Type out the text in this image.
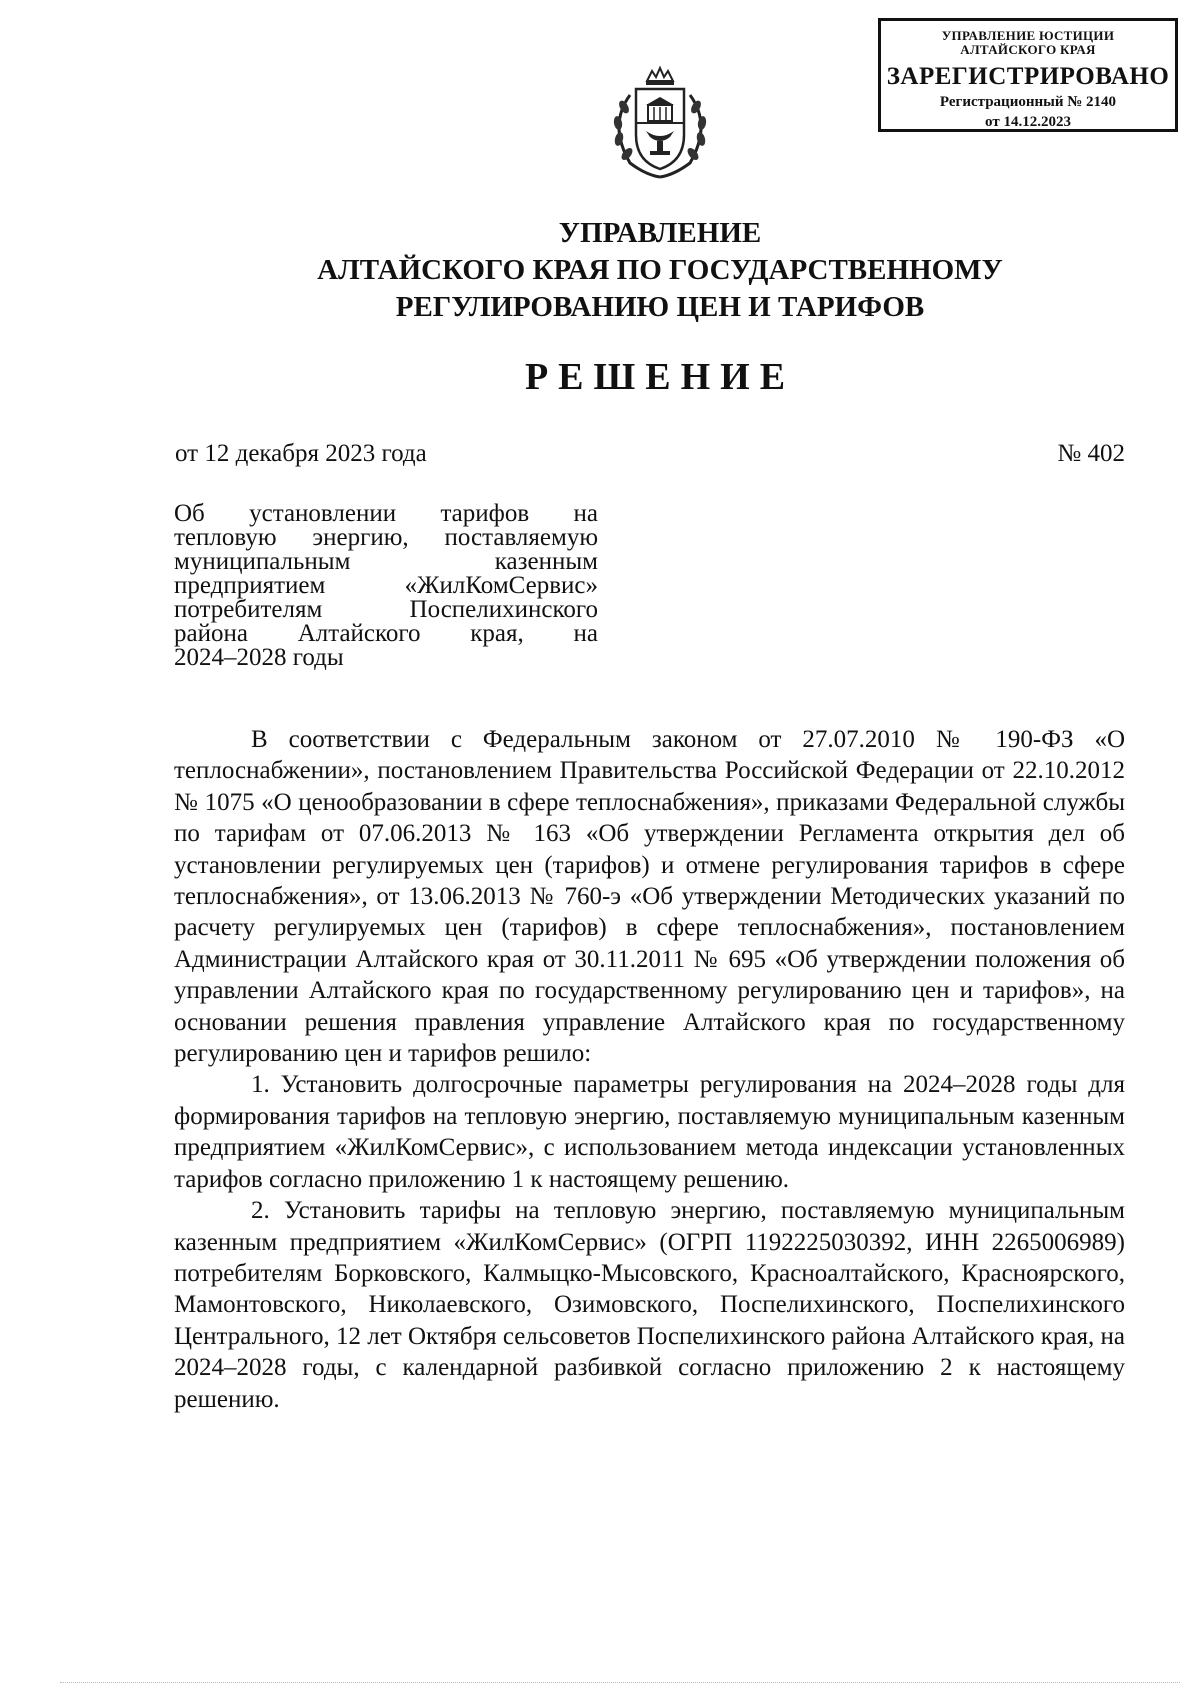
УПРАВЛЕНИЕ ЮСТИЦИИ
АЛТАЙСКОГО КРАЯ
ЗАРЕГИСТРИРОВАНО
Регистрационный № 2140
от 14.12.2023
УПРАВЛЕНИЕ
АЛТАЙСКОГО КРАЯ ПО ГОСУДАРСТВЕННОМУ
РЕГУЛИРОВАНИЮ ЦЕН И ТАРИФОВ
РЕШЕНИЕ
от 12 декабря 2023 года	№ 402
Об установлении тарифов на
тепловую энергию, поставляемую
муниципальным казенным
предприятием «ЖилКомСервис»
потребителям Поспелихинского
района Алтайского края, на
2024–2028 годы

В соответствии с Федеральным законом от 27.07.2010 № 190-ФЗ «О теплоснабжении», постановлением Правительства Российской Федерации от 22.10.2012 № 1075 «О ценообразовании в сфере теплоснабжения», приказами Федеральной службы по тарифам от 07.06.2013 № 163 «Об утверждении Регламента открытия дел об установлении регулируемых цен (тарифов) и отмене регулирования тарифов в сфере теплоснабжения», от 13.06.2013 № 760-э «Об утверждении Методических указаний по расчету регулируемых цен (тарифов) в сфере теплоснабжения», постановлением Администрации Алтайского края от 30.11.2011 № 695 «Об утверждении положения об управлении Алтайского края по государственному регулированию цен и тарифов», на основании решения правления управление Алтайского края по государственному регулированию цен и тарифов решило:

1. Установить долгосрочные параметры регулирования на 2024–2028 годы для формирования тарифов на тепловую энергию, поставляемую муниципальным казенным предприятием «ЖилКомСервис», с использованием метода индексации установленных тарифов согласно приложению 1 к настоящему решению.

2. Установить тарифы на тепловую энергию, поставляемую муниципальным казенным предприятием «ЖилКомСервис» (ОГРП 1192225030392, ИНН 2265006989) потребителям Борковского, Калмыцко-Мысовского, Красноалтайского, Красноярского, Мамонтовского, Николаевского, Озимовского, Поспелихинского, Поспелихинского Центрального, 12 лет Октября сельсоветов Поспелихинского района Алтайского края, на 2024–2028 годы, с календарной разбивкой согласно приложению 2 к настоящему решению.
